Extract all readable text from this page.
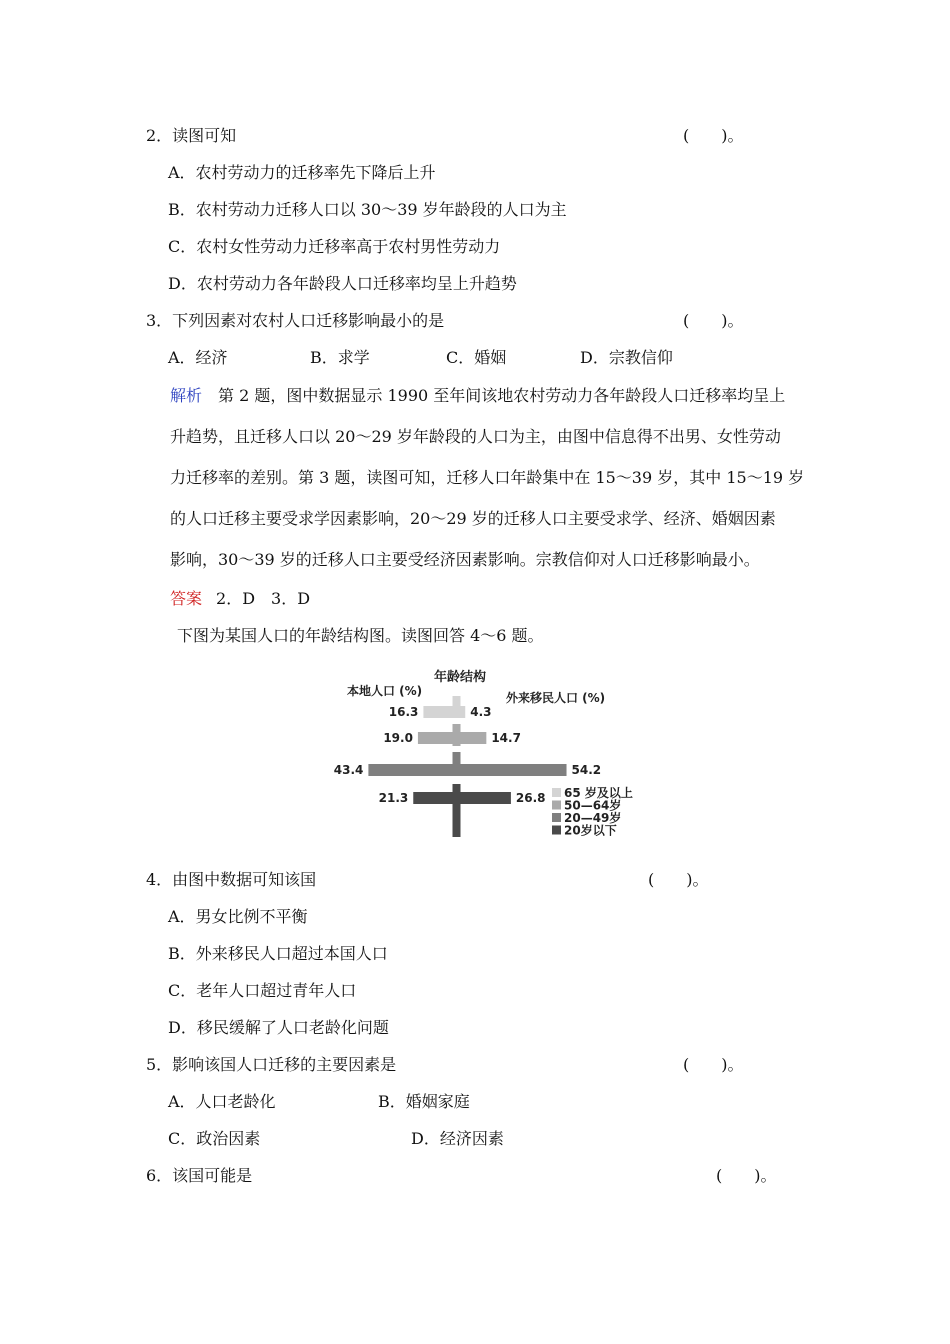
2．读图可知	(　　)。
A．农村劳动力的迁移率先下降后上升
B．农村劳动力迁移人口以 30～39 岁年龄段的人口为主
C．农村女性劳动力迁移率高于农村男性劳动力
D．农村劳动力各年龄段人口迁移率均呈上升趋势
3．下列因素对农村人口迁移影响最小的是	(　　)。
A．经济	B．求学	C．婚姻	D．宗教信仰
解析 第 2 题，图中数据显示 1990 至年间该地农村劳动力各年龄段人口迁移率均呈上
升趋势，且迁移人口以 20～29 岁年龄段的人口为主，由图中信息得不出男、女性劳动
力迁移率的差别。第 3 题，读图可知，迁移人口年龄集中在 15～39 岁，其中 15～19 岁
的人口迁移主要受求学因素影响，20～29 岁的迁移人口主要受求学、经济、婚姻因素
影响，30～39 岁的迁移人口主要受经济因素影响。宗教信仰对人口迁移影响最小。
答案 2．D　3．D
下图为某国人口的年龄结构图。读图回答 4～6 题。
年龄结构
本地人口 (%)	外来移民人口 (%)
16.3	4.3
19.0	14.7
43.4	54.2
21.3	26.8 65 岁及以上
50—64岁
20—49岁
20岁以下
4．由图中数据可知该国	(　　)。
A．男女比例不平衡
B．外来移民人口超过本国人口
C．老年人口超过青年人口
D．移民缓解了人口老龄化问题
5．影响该国人口迁移的主要因素是	(　　)。
A．人口老龄化	B．婚姻家庭
C．政治因素	D．经济因素
6．该国可能是	(　　)。
